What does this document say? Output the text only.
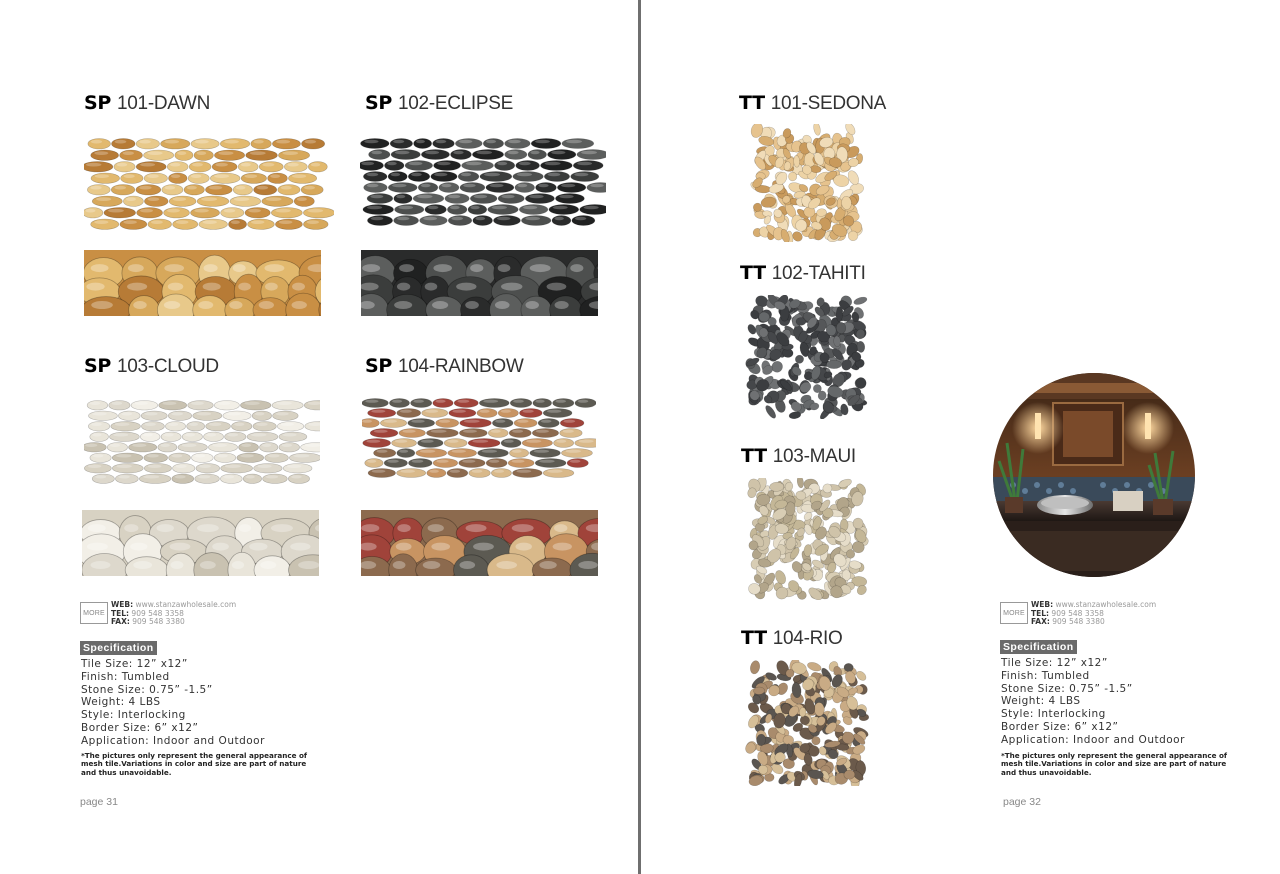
SP 101-DAWN	SP 102-ECLIPSE
SP 103-CLOUD	SP 104-RAINBOW
MORE
WEB: www.stanzawholesale.com
TEL: 909 548 3358
FAX: 909 548 3380
Specification
Tile Size: 12” x12”
Finish: Tumbled
Stone Size: 0.75” -1.5”
Weight: 4 LBS
Style: Interlocking
Border Size: 6” x12”
Application: Indoor and Outdoor
*The pictures only represent the general appearance of mesh tile.Variations in color and size are part of nature and thus unavoidable.
page 31
TT 101-SEDONA
TT 102-TAHITI
TT 103-MAUI
TT 104-RIO
MORE
WEB: www.stanzawholesale.com
TEL: 909 548 3358
FAX: 909 548 3380
Specification
Tile Size: 12” x12”
Finish: Tumbled
Stone Size: 0.75” -1.5”
Weight: 4 LBS
Style: Interlocking
Border Size: 6” x12”
Application: Indoor and Outdoor
*The pictures only represent the general appearance of mesh tile.Variations in color and size are part of nature and thus unavoidable.
page 32
